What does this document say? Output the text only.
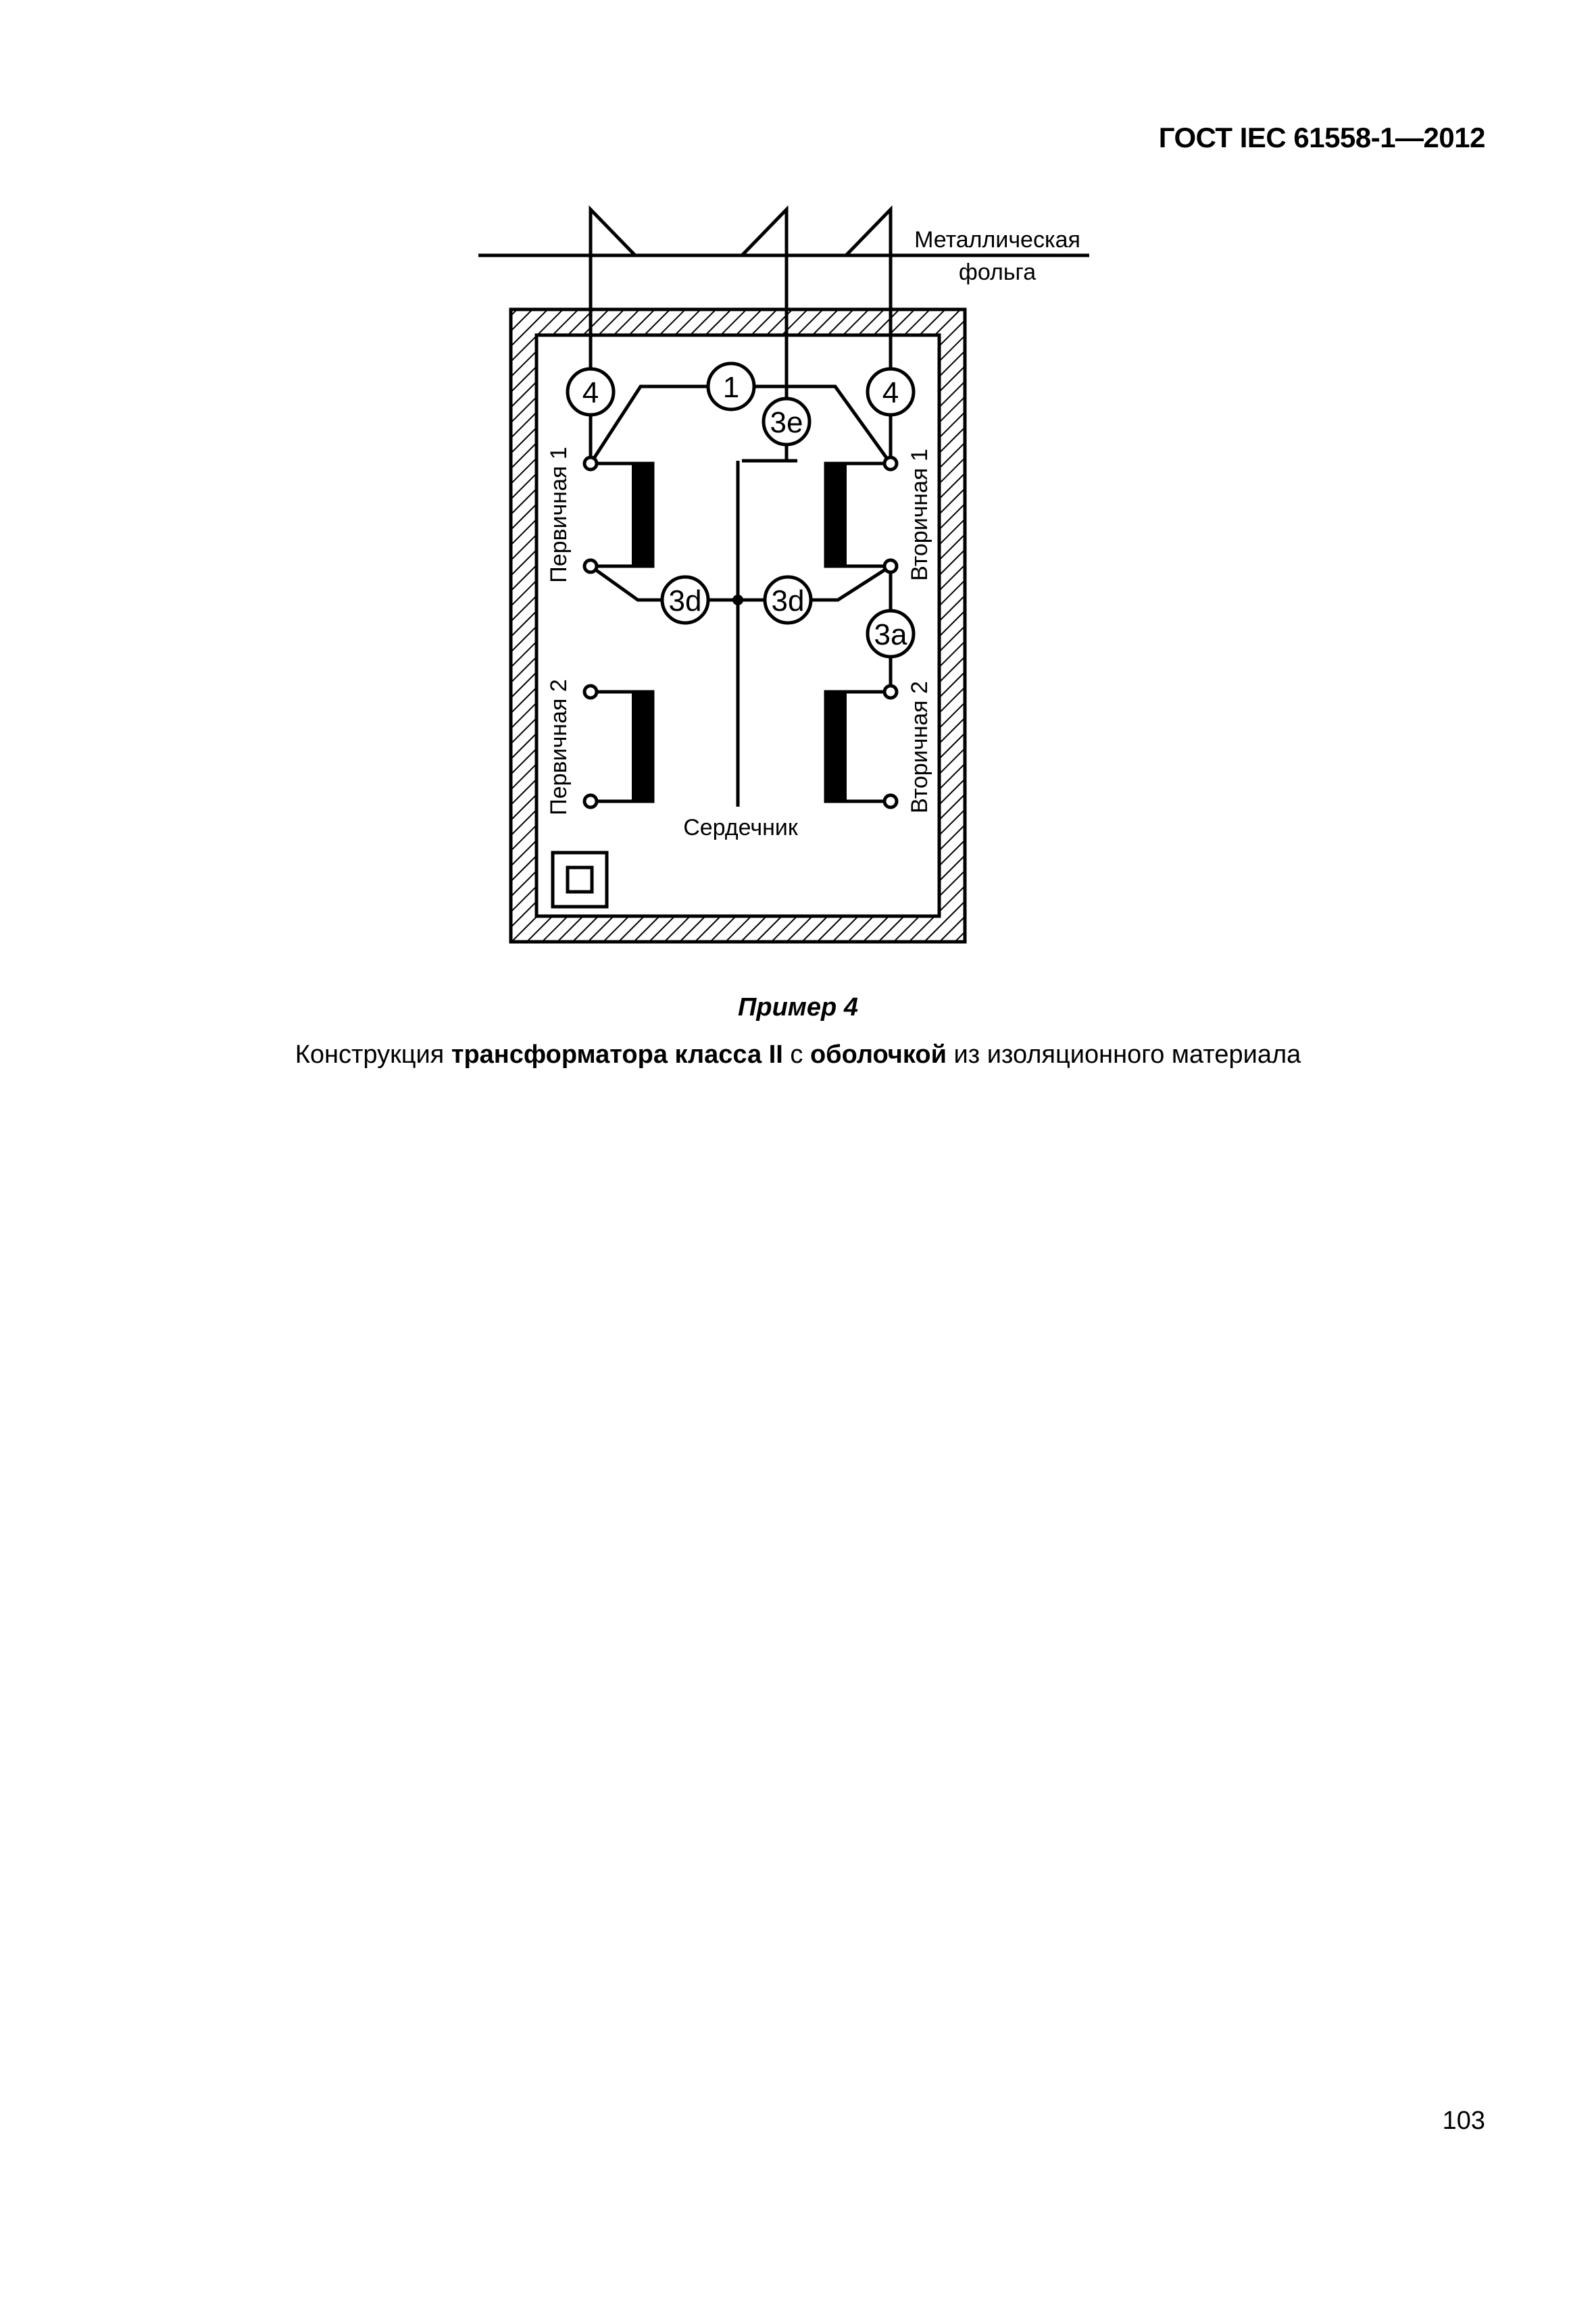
ГОСТ IEC 61558-1—2012
Металлическая
фольга
4	1	4
3e
3d 3d
3a
Первичная 1
Первичная 2
Вторичная 1
Вторичная 2
Сердечник
Пример 4
Конструкция трансформатора класса II с оболочкой из изоляционного материала
103
